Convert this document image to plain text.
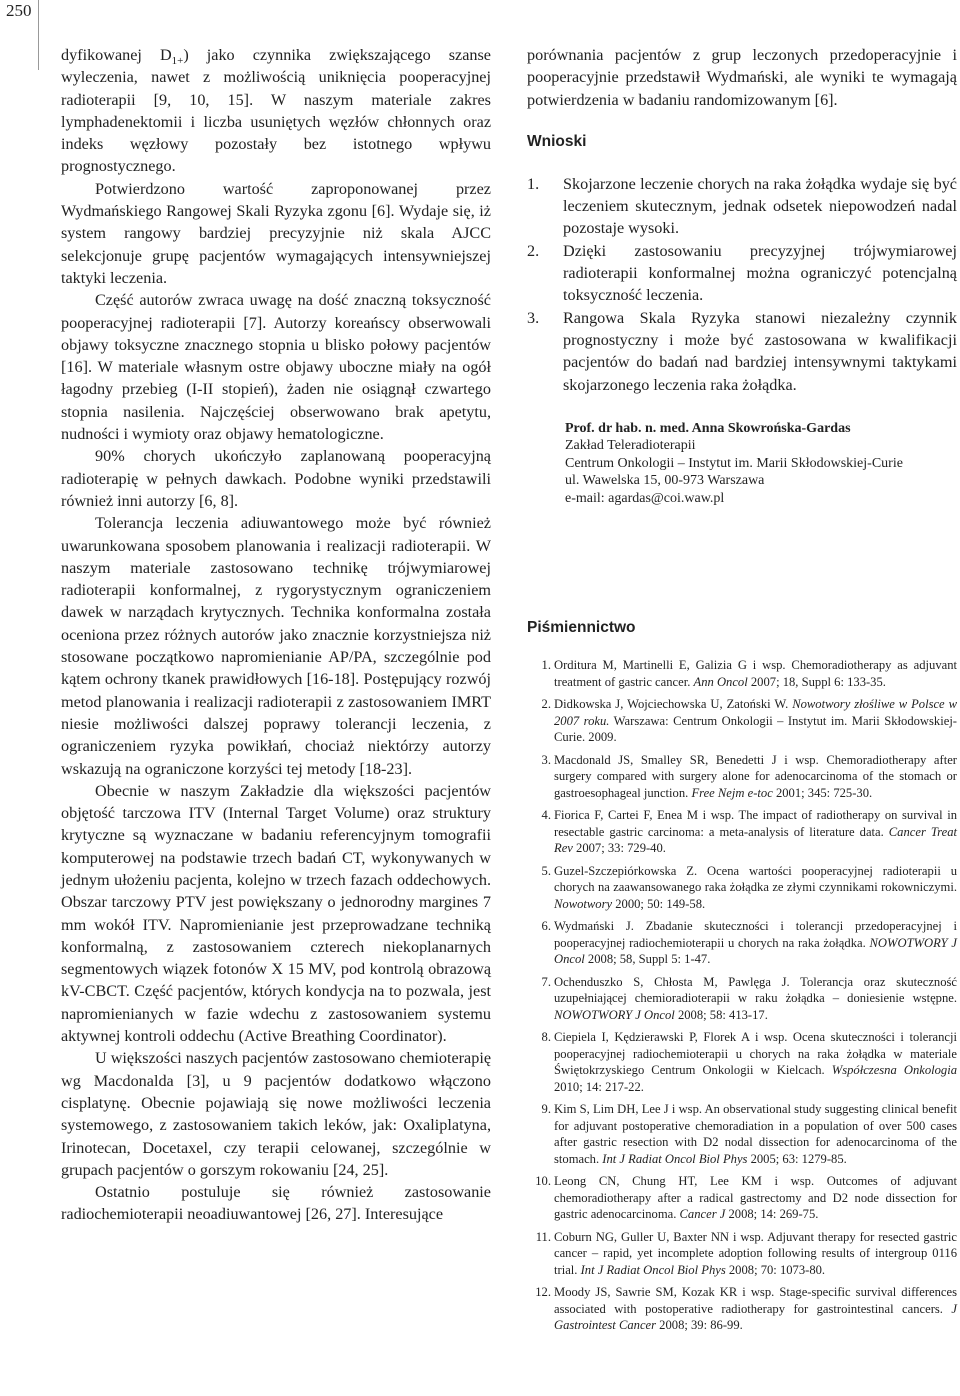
250

dyfikowanej $D_{1+}$) jako czynnika zwiększającego szanse wyleczenia, nawet z możliwością uniknięcia pooperacyjnej radioterapii [9, 10, 15]. W naszym materiale zakres lymphadenektomii i liczba usuniętych węzłów chłonnych oraz indeks węzłowy pozostały bez istotnego wpływu prognostycznego.

Potwierdzono wartość zaproponowanej przez Wydmańskiego Rangowej Skali Ryzyka zgonu [6]. Wydaje się, iż system rangowy bardziej precyzyjnie niż skala AJCC selekcjonuje grupę pacjentów wymagających intensywniejszej taktyki leczenia.

Część autorów zwraca uwagę na dość znaczną toksyczność pooperacyjnej radioterapii [7]. Autorzy koreańscy obserwowali objawy toksyczne znacznego stopnia u blisko połowy pacjentów [16]. W materiale własnym ostre objawy uboczne miały na ogół łagodny przebieg (I-II stopień), żaden nie osiągnął czwartego stopnia nasilenia. Najczęściej obserwowano brak apetytu, nudności i wymioty oraz objawy hematologiczne.

90% chorych ukończyło zaplanowaną pooperacyjną radioterapię w pełnych dawkach. Podobne wyniki przedstawili również inni autorzy [6, 8].

Tolerancja leczenia adiuwantowego może być również uwarunkowana sposobem planowania i realizacji radioterapii. W naszym materiale zastosowano technikę trójwymiarowej radioterapii konformalnej, z rygorystycznym ograniczeniem dawek w narządach krytycznych. Technika konformalna została oceniona przez różnych autorów jako znacznie korzystniejsza niż stosowane początkowo napromienianie AP/PA, szczególnie pod kątem ochrony tkanek prawidłowych [16-18]. Postępujący rozwój metod planowania i realizacji radioterapii z zastosowaniem IMRT niesie możliwości dalszej poprawy tolerancji leczenia, z ograniczeniem ryzyka powikłań, chociaż niektórzy autorzy wskazują na ograniczone korzyści tej metody [18-23].

Obecnie w naszym Zakładzie dla większości pacjentów objętość tarczowa ITV (Internal Target Volume) oraz struktury krytyczne są wyznaczane w badaniu referencyjnym tomografii komputerowej na podstawie trzech badań CT, wykonywanych w jednym ułożeniu pacjenta, kolejno w trzech fazach oddechowych. Obszar tarczowy PTV jest powiększany o jednorodny margines 7 mm wokół ITV. Napromienianie jest przeprowadzane techniką konformalną, z zastosowaniem czterech niekoplanarnych segmentowych wiązek fotonów X 15 MV, pod kontrolą obrazową kV-CBCT. Część pacjentów, których kondycja na to pozwala, jest napromienianych w fazie wdechu z zastosowaniem systemu aktywnej kontroli oddechu (Active Breathing Coordinator).

U większości naszych pacjentów zastosowano chemioterapię wg Macdonalda [3], u 9 pacjentów dodatkowo włączono cisplatynę. Obecnie pojawiają się nowe możliwości leczenia systemowego, z zastosowaniem takich leków, jak: Oxaliplatyna, Irinotecan, Docetaxel, czy terapii celowanej, szczególnie w grupach pacjentów o gorszym rokowaniu [24, 25].

Ostatnio postuluje się również zastosowanie radiochemioterapii neoadiuwantowej [26, 27]. Interesujące

porównania pacjentów z grup leczonych przedoperacyjnie i pooperacyjnie przedstawił Wydmański, ale wyniki te wymagają potwierdzenia w badaniu randomizowanym [6].

Wnioski
1.	Skojarzone leczenie chorych na raka żołądka wydaje się być leczeniem skutecznym, jednak odsetek niepowodzeń nadal pozostaje wysoki.
2.	Dzięki zastosowaniu precyzyjnej trójwymiarowej radioterapii konformalnej można ograniczyć potencjalną toksyczność leczenia.
3.	Rangowa Skala Ryzyka stanowi niezależny czynnik prognostyczny i może być zastosowana w kwalifikacji pacjentów do badań nad bardziej intensywnymi taktykami skojarzonego leczenia raka żołądka.
Prof. dr hab. n. med. Anna Skowrońska-Gardas
Zakład Teleradioterapii
Centrum Onkologii – Instytut im. Marii Skłodowskiej-Curie
ul. Wawelska 15, 00-973 Warszawa
e-mail: agardas@coi.waw.pl
Piśmiennictwo
1. Orditura M, Martinelli E, Galizia G i wsp. Chemoradiotherapy as adjuvant treatment of gastric cancer. Ann Oncol 2007; 18, Suppl 6: 133-35.
2. Didkowska J, Wojciechowska U, Zatoński W. Nowotwory złośliwe w Polsce w 2007 roku. Warszawa: Centrum Onkologii – Instytut im. Marii Skłodowskiej-Curie. 2009.
3. Macdonald JS, Smalley SR, Benedetti J i wsp. Chemoradiotherapy after surgery compared with surgery alone for adenocarcinoma of the stomach or gastroesophageal junction. Free Nejm e-toc 2001; 345: 725-30.
4. Fiorica F, Cartei F, Enea M i wsp. The impact of radiotherapy on survival in resectable gastric carcinoma: a meta-analysis of literature data. Cancer Treat Rev 2007; 33: 729-40.
5. Guzel-Szczepiórkowska Z. Ocena wartości pooperacyjnej radioterapii u chorych na zaawansowanego raka żołądka ze złymi czynnikami rokowniczymi. Nowotwory 2000; 50: 149-58.
6. Wydmański J. Zbadanie skuteczności i tolerancji przedoperacyjnej i pooperacyjnej radiochemioterapii u chorych na raka żołądka. NOWOTWORY J Oncol 2008; 58, Suppl 5: 1-47.
7. Ochenduszko S, Chłosta M, Pawlęga J. Tolerancja oraz skuteczność uzupełniającej chemioradioterapii w raku żołądka – doniesienie wstępne. NOWOTWORY J Oncol 2008; 58: 413-17.
8. Ciepiela I, Kędzierawski P, Florek A i wsp. Ocena skuteczności i tolerancji pooperacyjnej radiochemioterapii u chorych na raka żołądka w materiale Świętokrzyskiego Centrum Onkologii w Kielcach. Współczesna Onkologia 2010; 14: 217-22.
9. Kim S, Lim DH, Lee J i wsp. An observational study suggesting clinical benefit for adjuvant postoperative chemoradiation in a population of over 500 cases after gastric resection with D2 nodal dissection for adenocarcinoma of the stomach. Int J Radiat Oncol Biol Phys 2005; 63: 1279-85.
10. Leong CN, Chung HT, Lee KM i wsp. Outcomes of adjuvant chemoradiotherapy after a radical gastrectomy and D2 node dissection for gastric adenocarcinoma. Cancer J 2008; 14: 269-75.
11. Coburn NG, Guller U, Baxter NN i wsp. Adjuvant therapy for resected gastric cancer – rapid, yet incomplete adoption following results of intergroup 0116 trial. Int J Radiat Oncol Biol Phys 2008; 70: 1073-80.
12. Moody JS, Sawrie SM, Kozak KR i wsp. Stage-specific survival differences associated with postoperative radiotherapy for gastrointestinal cancers. J Gastrointest Cancer 2008; 39: 86-99.
